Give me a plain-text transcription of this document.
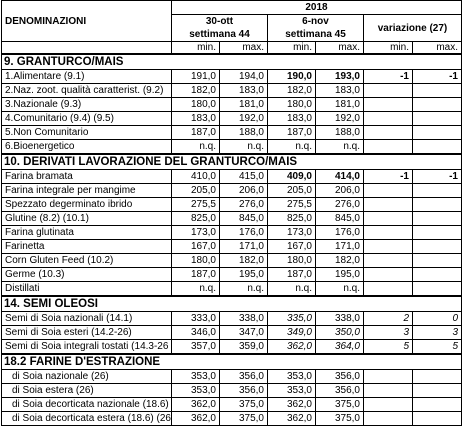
DENOMINAZIONI	2018					
	30-ott		6-nov		variazione (27)	
	settimana 44		settimana 45			
	min.	max.	min.	max.	min.	max.
9. GRANTURCO/MAIS						
1.Alimentare (9.1)	191,0	194,0	190,0	193,0	-1	-1
2.Naz. zoot. qualità caratterist. (9.2)	182,0	183,0	182,0	183,0		
3.Nazionale (9.3)	180,0	181,0	180,0	181,0		
4.Comunitario (9.4) (9.5)	183,0	192,0	183,0	192,0		
5.Non Comunitario	187,0	188,0	187,0	188,0		
6.Bioenergetico	n.q.	n.q.	n.q.	n.q.		
10. DERIVATI LAVORAZIONE DEL GRANTURCO/MAIS						
Farina bramata	410,0	415,0	409,0	414,0	-1	-1
Farina integrale per mangime	205,0	206,0	205,0	206,0		
Spezzato degerminato ibrido	275,5	276,0	275,5	276,0		
Glutine (8.2) (10.1)	825,0	845,0	825,0	845,0		
Farina glutinata	173,0	176,0	173,0	176,0		
Farinetta	167,0	171,0	167,0	171,0		
Corn Gluten Feed (10.2)	180,0	182,0	180,0	182,0		
Germe (10.3)	187,0	195,0	187,0	195,0		
Distillati	n.q.	n.q.	n.q.	n.q.		
14. SEMI OLEOSI						
Semi di Soia nazionali (14.1)	333,0	338,0	335,0	338,0	2	0
Semi di Soia esteri (14.2-26)	346,0	347,0	349,0	350,0	3	3
Semi di Soia integrali tostati (14.3-26	357,0	359,0	362,0	364,0	5	5
18.2 FARINE D'ESTRAZIONE						
di Soia nazionale (26)	353,0	356,0	353,0	356,0		
di Soia estera (26)	353,0	356,0	353,0	356,0		
di Soia decorticata nazionale (18.6)	362,0	375,0	362,0	375,0		
di Soia decorticata estera (18.6) (26	362,0	375,0	362,0	375,0		
